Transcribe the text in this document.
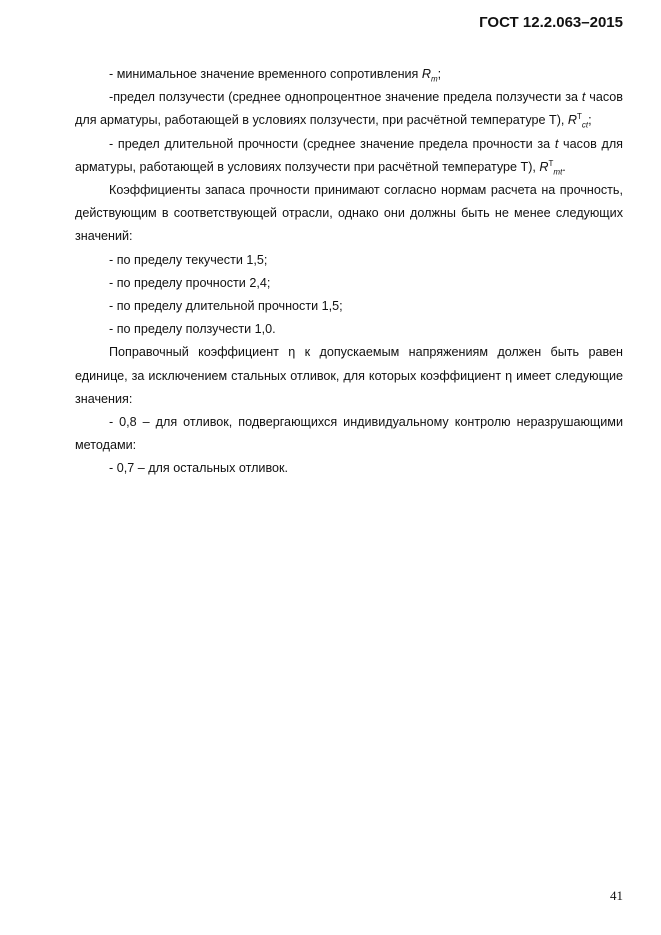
ГОСТ 12.2.063–2015

- минимальное значение временного сопротивления $R_m$;

-предел ползучести (среднее однопроцентное значение предела ползучести за t часов для арматуры, работающей в условиях ползучести, при расчётной температуре Т), $R^T_{ct}$;

- предел длительной прочности (среднее значение предела прочности за t часов для арматуры, работающей в условиях ползучести при расчётной температуре Т), $R^T_{mt}$.

Коэффициенты запаса прочности принимают согласно нормам расчета на прочность, действующим в соответствующей отрасли, однако они должны быть не менее следующих значений:

- по пределу текучести 1,5;

- по пределу прочности 2,4;

- по пределу длительной прочности 1,5;

- по пределу ползучести 1,0.

Поправочный коэффициент η к допускаемым напряжениям должен быть равен единице, за исключением стальных отливок, для которых коэффициент η имеет следующие значения:

- 0,8 – для отливок, подвергающихся индивидуальному контролю неразрушающими методами:

- 0,7 – для остальных отливок.

41
